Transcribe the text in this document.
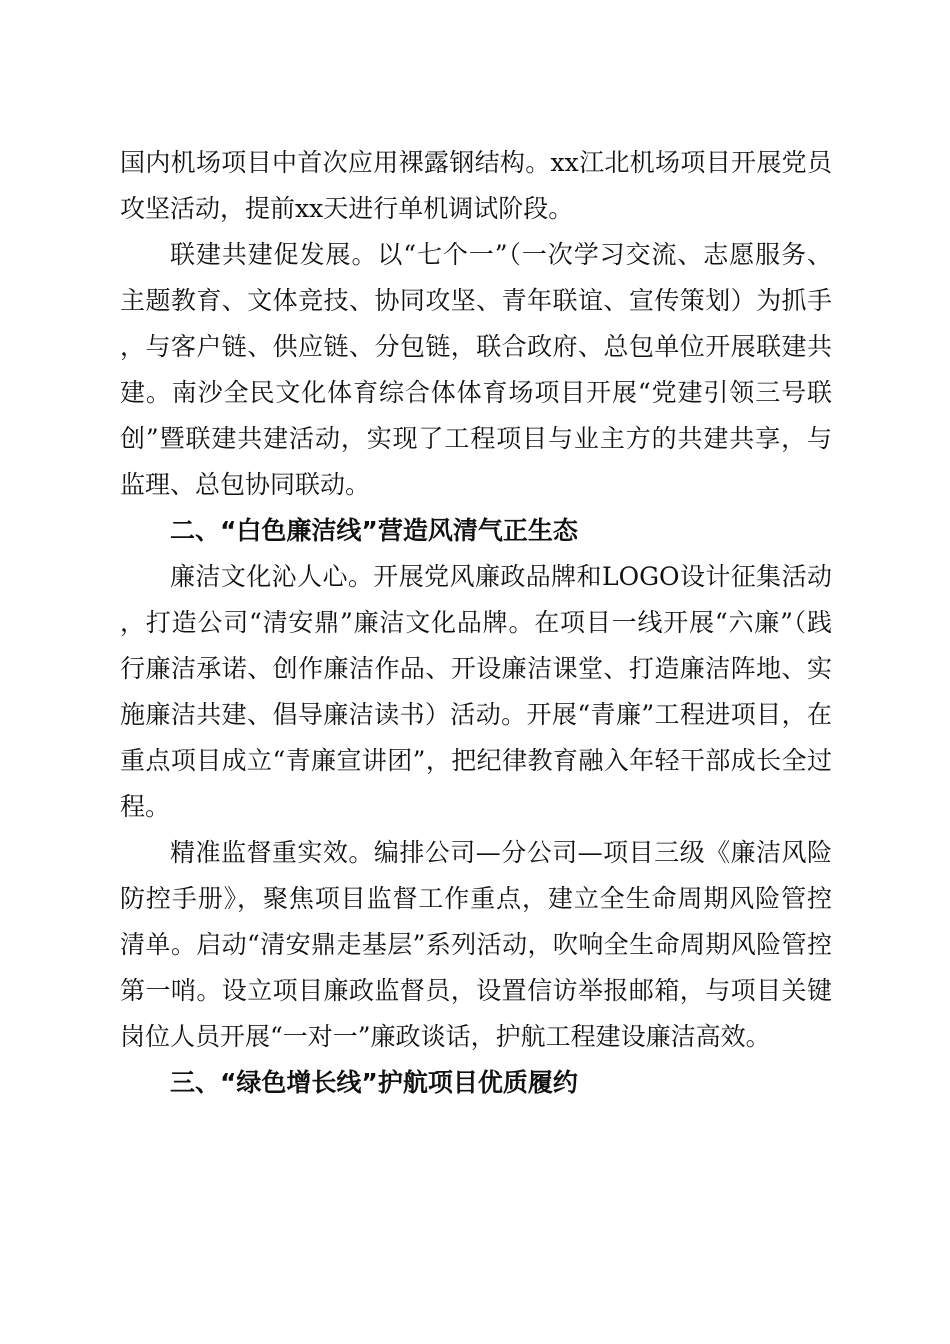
国内机场项目中首次应用裸露钢结构。xx江北机场项目开展党员攻坚活动，提前xx天进行单机调试阶段。

联建共建促发展。以“七个一”（一次学习交流、志愿服务、主题教育、文体竞技、协同攻坚、青年联谊、宣传策划）为抓手，与客户链、供应链、分包链，联合政府、总包单位开展联建共建。南沙全民文化体育综合体体育场项目开展“党建引领三号联创”暨联建共建活动，实现了工程项目与业主方的共建共享，与监理、总包协同联动。

二、“白色廉洁线”营造风清气正生态

廉洁文化沁人心。开展党风廉政品牌和LOGO设计征集活动，打造公司“清安鼎”廉洁文化品牌。在项目一线开展“六廉”（践行廉洁承诺、创作廉洁作品、开设廉洁课堂、打造廉洁阵地、实施廉洁共建、倡导廉洁读书）活动。开展“青廉”工程进项目，在重点项目成立“青廉宣讲团”，把纪律教育融入年轻干部成长全过程。

精准监督重实效。编排公司—分公司—项目三级《廉洁风险防控手册》，聚焦项目监督工作重点，建立全生命周期风险管控清单。启动“清安鼎走基层”系列活动，吹响全生命周期风险管控第一哨。设立项目廉政监督员，设置信访举报邮箱，与项目关键岗位人员开展“一对一”廉政谈话，护航工程建设廉洁高效。

三、“绿色增长线”护航项目优质履约
